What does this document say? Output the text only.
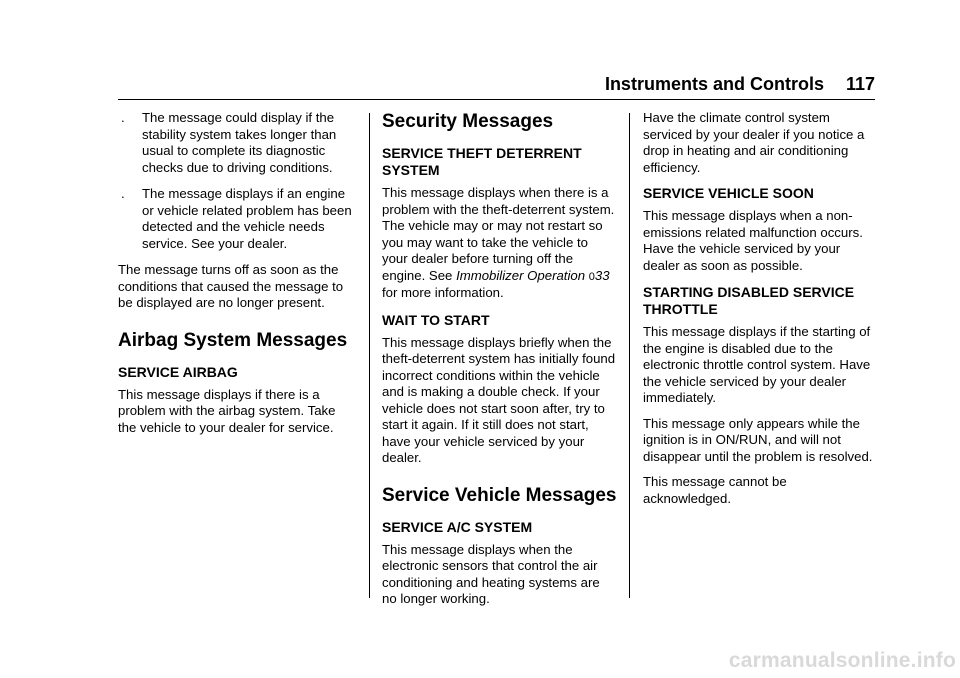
Instruments and Controls 117
. The message could display if the stability system takes longer than usual to complete its diagnostic checks due to driving conditions.
. The message displays if an engine or vehicle related problem has been detected and the vehicle needs service. See your dealer.

The message turns off as soon as the conditions that caused the message to be displayed are no longer present.

Airbag System Messages
SERVICE AIRBAG

This message displays if there is a problem with the airbag system. Take the vehicle to your dealer for service.

Security Messages
SERVICE THEFT DETERRENT SYSTEM

This message displays when there is a problem with the theft-deterrent system. The vehicle may or may not restart so you may want to take the vehicle to your dealer before turning off the engine. See Immobilizer Operation 033 for more information.

WAIT TO START

This message displays briefly when the theft-deterrent system has initially found incorrect conditions within the vehicle and is making a double check. If your vehicle does not start soon after, try to start it again. If it still does not start, have your vehicle serviced by your dealer.

Service Vehicle Messages
SERVICE A/C SYSTEM

This message displays when the electronic sensors that control the air conditioning and heating systems are no longer working.

Have the climate control system serviced by your dealer if you notice a drop in heating and air conditioning efficiency.

SERVICE VEHICLE SOON

This message displays when a non-emissions related malfunction occurs. Have the vehicle serviced by your dealer as soon as possible.

STARTING DISABLED SERVICE THROTTLE

This message displays if the starting of the engine is disabled due to the electronic throttle control system. Have the vehicle serviced by your dealer immediately.

This message only appears while the ignition is in ON/RUN, and will not disappear until the problem is resolved.

This message cannot be acknowledged.

carmanualsonline.info
